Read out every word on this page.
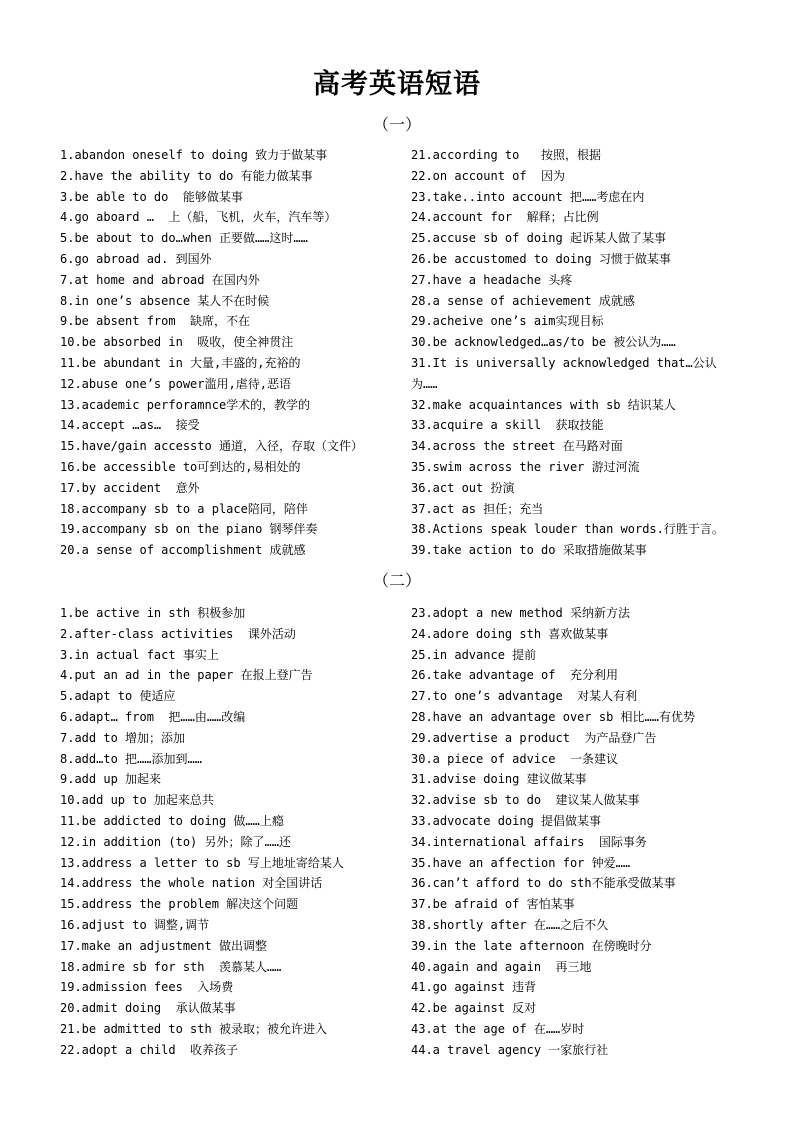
高考英语短语
（一）
1.abandon oneself to doing 致力于做某事
2.have the ability to do 有能力做某事
3.be able to do  能够做某事
4.go aboard …  上（船，飞机，火车，汽车等）
5.be about to do…when 正要做……这时……
6.go abroad ad. 到国外
7.at home and abroad 在国内外
8.in one’s absence 某人不在时候
9.be absent from  缺席，不在
10.be absorbed in  吸收，使全神贯注
11.be abundant in 大量,丰盛的,充裕的
12.abuse one’s power滥用,虐待,恶语
13.academic perforamnce学术的，教学的
14.accept …as…  接受
15.have/gain accessto 通道，入径，存取（文件）
16.be accessible to可到达的,易相处的
17.by accident  意外
18.accompany sb to a place陪同，陪伴
19.accompany sb on the piano 钢琴伴奏
20.a sense of accomplishment 成就感
21.according to   按照，根据
22.on account of  因为
23.take..into account 把……考虑在内
24.account for  解释；占比例
25.accuse sb of doing 起诉某人做了某事
26.be accustomed to doing 习惯于做某事
27.have a headache 头疼
28.a sense of achievement 成就感
29.acheive one’s aim实现目标
30.be acknowledged…as/to be 被公认为……
31.It is universally acknowledged that…公认为……
32.make acquaintances with sb 结识某人
33.acquire a skill  获取技能
34.across the street 在马路对面
35.swim across the river 游过河流
36.act out 扮演
37.act as 担任；充当
38.Actions speak louder than words.行胜于言。
39.take action to do 采取措施做某事
（二）
1.be active in sth 积极参加
2.after-class activities  课外活动
3.in actual fact 事实上
4.put an ad in the paper 在报上登广告
5.adapt to 使适应
6.adapt… from  把……由……改编
7.add to 增加；添加
8.add…to 把……添加到……
9.add up 加起来
10.add up to 加起来总共
11.be addicted to doing 做……上瘾
12.in addition (to) 另外；除了……还
13.address a letter to sb 写上地址寄给某人
14.address the whole nation 对全国讲话
15.address the problem 解决这个问题
16.adjust to 调整,调节
17.make an adjustment 做出调整
18.admire sb for sth  羡慕某人……
19.admission fees  入场费
20.admit doing  承认做某事
21.be admitted to sth 被录取；被允许进入
22.adopt a child  收养孩子
23.adopt a new method 采纳新方法
24.adore doing sth 喜欢做某事
25.in advance 提前
26.take advantage of  充分利用
27.to one’s advantage  对某人有利
28.have an advantage over sb 相比……有优势
29.advertise a product  为产品登广告
30.a piece of advice  一条建议
31.advise doing 建议做某事
32.advise sb to do  建议某人做某事
33.advocate doing 提倡做某事
34.international affairs  国际事务
35.have an affection for 钟爱……
36.can’t afford to do sth不能承受做某事
37.be afraid of 害怕某事
38.shortly after 在……之后不久
39.in the late afternoon 在傍晚时分
40.again and again  再三地
41.go against 违背
42.be against 反对
43.at the age of 在……岁时
44.a travel agency 一家旅行社
